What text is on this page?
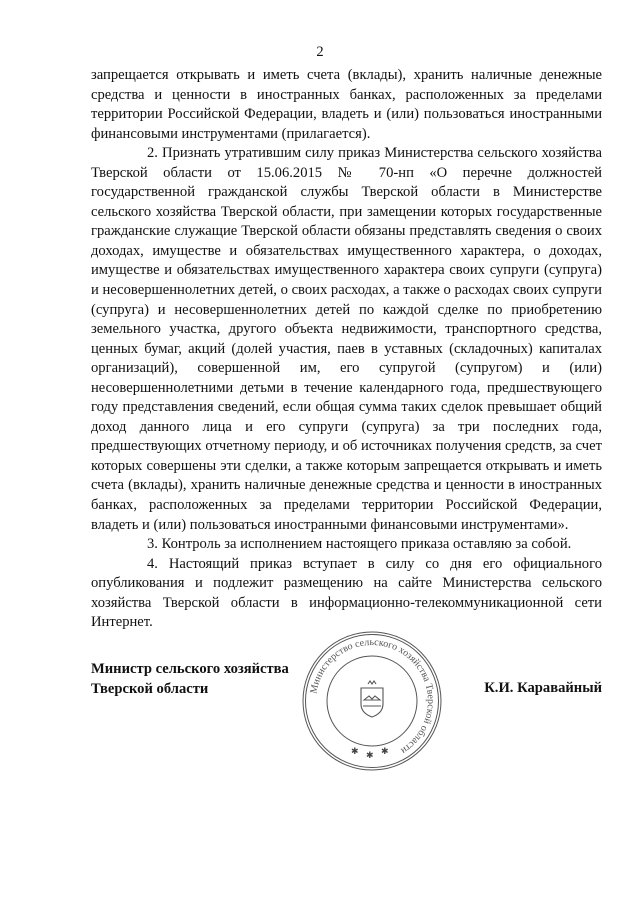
2

запрещается открывать и иметь счета (вклады), хранить наличные денежные средства и ценности в иностранных банках, расположенных за пределами территории Российской Федерации, владеть и (или) пользоваться иностранными финансовыми инструментами (прилагается).

2. Признать утратившим силу приказ Министерства сельского хозяйства Тверской области от 15.06.2015 № 70-нп «О перечне должностей государственной гражданской службы Тверской области в Министерстве сельского хозяйства Тверской области, при замещении которых государственные гражданские служащие Тверской области обязаны представлять сведения о своих доходах, имуществе и обязательствах имущественного характера, о доходах, имуществе и обязательствах имущественного характера своих супруги (супруга) и несовершеннолетних детей, о своих расходах, а также о расходах своих супруги (супруга) и несовершеннолетних детей по каждой сделке по приобретению земельного участка, другого объекта недвижимости, транспортного средства, ценных бумаг, акций (долей участия, паев в уставных (складочных) капиталах организаций), совершенной им, его супругой (супругом) и (или) несовершеннолетними детьми в течение календарного года, предшествующего году представления сведений, если общая сумма таких сделок превышает общий доход данного лица и его супруги (супруга) за три последних года, предшествующих отчетному периоду, и об источниках получения средств, за счет которых совершены эти сделки, а также которым запрещается открывать и иметь счета (вклады), хранить наличные денежные средства и ценности в иностранных банках, расположенных за пределами территории Российской Федерации, владеть и (или) пользоваться иностранными финансовыми инструментами».

3. Контроль за исполнением настоящего приказа оставляю за собой.

4. Настоящий приказ вступает в силу со дня его официального опубликования и подлежит размещению на сайте Министерства сельского хозяйства Тверской области в информационно-телекоммуникационной сети Интернет.

Министр сельского хозяйства
Тверской области	К.И. Каравайный
Министерство сельского хозяйства Тверской области
✱ ✱ ✱
